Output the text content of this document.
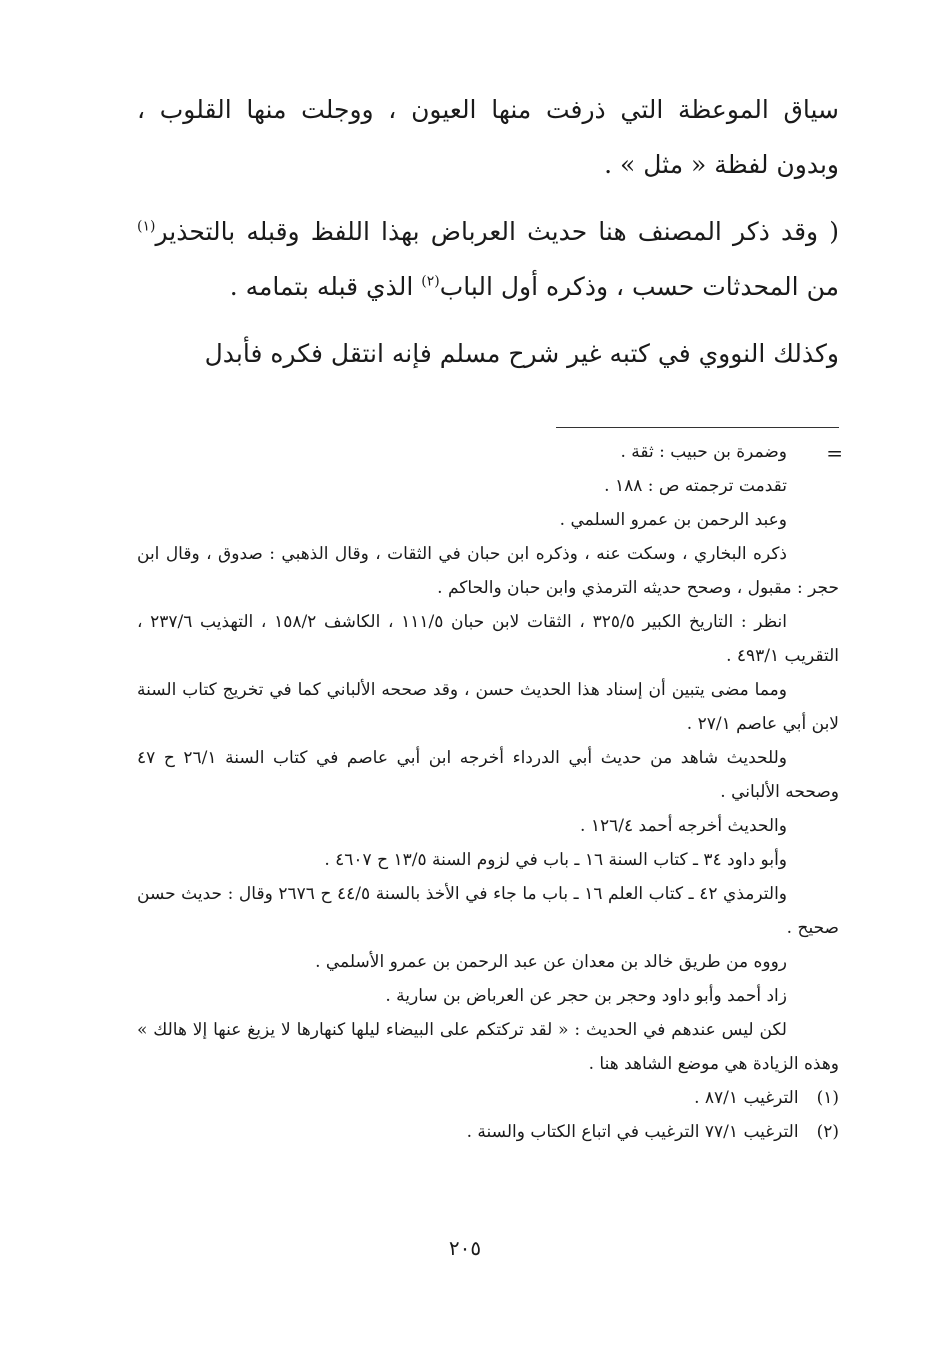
سياق الموعظة التي ذرفت منها العيون ، ووجلت منها القلوب ، وبدون لفظة « مثل » .

( وقد ذكر المصنف هنا حديث العرباض بهذا اللفظ وقبله بالتحذير$^{(١)}$ من المحدثات حسب ، وذكره أول الباب$^{(٢)}$ الذي قبله بتمامه .

وكذلك النووي في كتبه غير شرح مسلم فإنه انتقل فكره فأبدل

=

وضمرة بن حبيب : ثقة .

تقدمت ترجمته ص : ١٨٨ .

وعبد الرحمن بن عمرو السلمي .

ذكره البخاري ، وسكت عنه ، وذكره ابن حبان في الثقات ، وقال الذهبي : صدوق ، وقال ابن حجر : مقبول ، وصحح حديثه الترمذي وابن حبان والحاكم .

انظر : التاريخ الكبير ٣٢٥/٥ ، الثقات لابن حبان ١١١/٥ ، الكاشف ١٥٨/٢ ، التهذيب ٢٣٧/٦ ، التقريب ٤٩٣/١ .

ومما مضى يتبين أن إسناد هذا الحديث حسن ، وقد صححه الألباني كما في تخريج كتاب السنة لابن أبي عاصم ٢٧/١ .

وللحديث شاهد من حديث أبي الدرداء أخرجه ابن أبي عاصم في كتاب السنة ٢٦/١ ح ٤٧ وصححه الألباني .

والحديث أخرجه أحمد ١٢٦/٤ .

وأبو داود ٣٤ ـ كتاب السنة ١٦ ـ باب في لزوم السنة ١٣/٥ ح ٤٦٠٧ .

والترمذي ٤٢ ـ كتاب العلم ١٦ ـ باب ما جاء في الأخذ بالسنة ٤٤/٥ ح ٢٦٧٦ وقال : حديث حسن صحيح .

رووه من طريق خالد بن معدان عن عبد الرحمن بن عمرو الأسلمي .

زاد أحمد وأبو داود وحجر بن حجر عن العرباض بن سارية .

لكن ليس عندهم في الحديث : « لقد تركتكم على البيضاء ليلها كنهارها لا يزيغ عنها إلا هالك » وهذه الزيادة هي موضع الشاهد هنا .

(١)
الترغيب ٨٧/١ .

(٢)
الترغيب ٧٧/١ الترغيب في اتباع الكتاب والسنة .

٢٠٥
